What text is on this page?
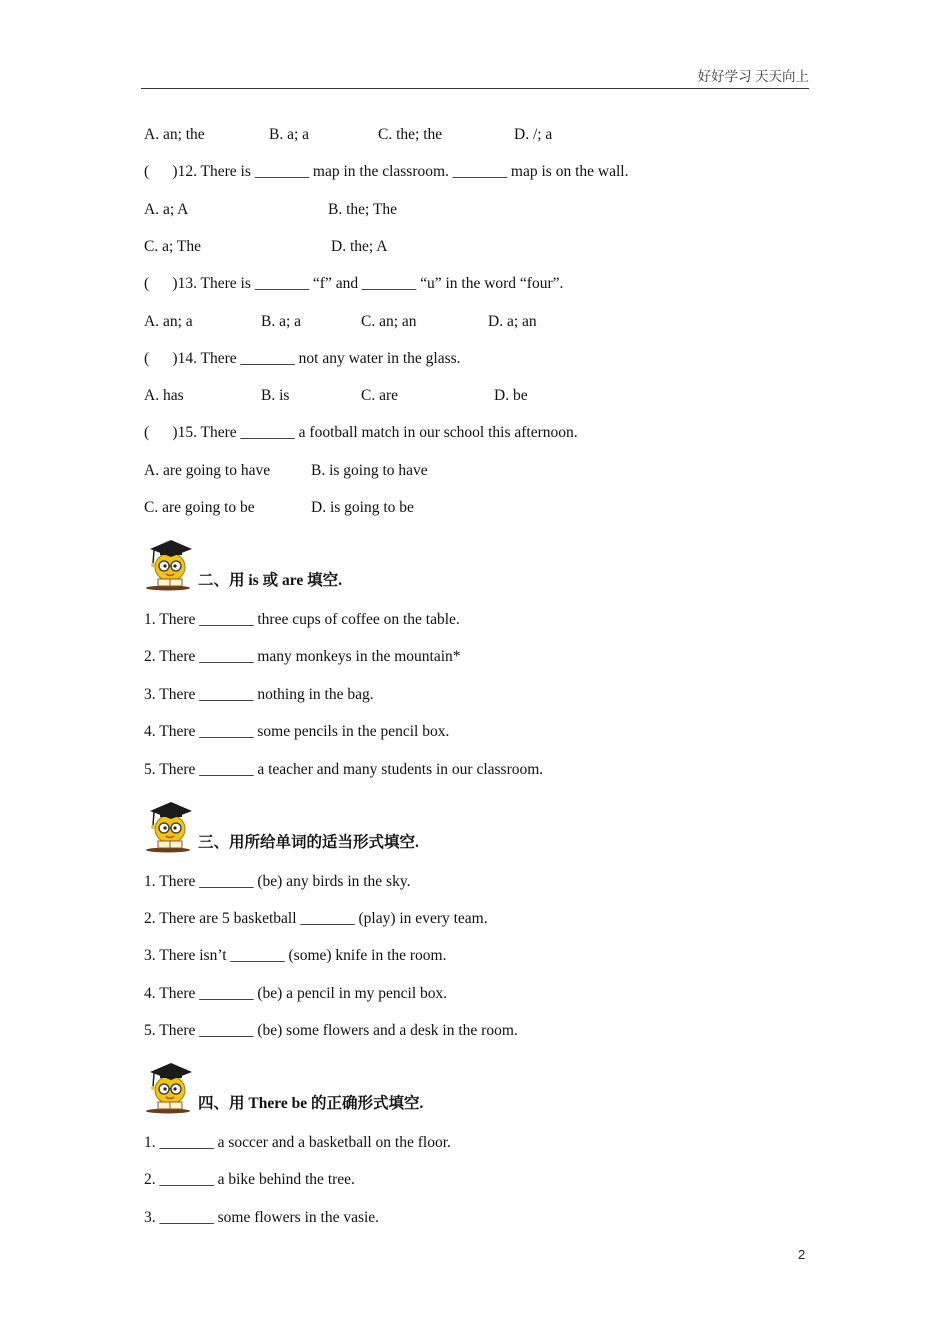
好好学习 天天向上

A. an; the

	B. a; a

	C. the; the

	D. /; a

(      )12. There is _______ map in the classroom. _______ map is on the wall.

A. a; A

	B. the; The

C. a; The

	D. the; A

(      )13. There is _______ “f” and _______ “u” in the word “four”.

A. an; a

	B. a; a

	C. an; an

	D. a; an

(      )14. There _______ not any water in the glass.

A. has

	B. is

	C. are

	D. be

(      )15. There _______ a football match in our school this afternoon.

A. are going to have

	B. is going to have

C. are going to be

	D. is going to be

二、用 is 或 are 填空.
1. There _______ three cups of coffee on the table.
2. There _______ many monkeys in the mountain*
3. There _______ nothing in the bag.
4. There _______ some pencils in the pencil box.
5. There _______ a teacher and many students in our classroom.
三、用所给单词的适当形式填空.
1. There _______ (be) any birds in the sky.
2. There are 5 basketball _______ (play) in every team.
3. There isn’t _______ (some) knife in the room.
4. There _______ (be) a pencil in my pencil box.
5. There _______ (be) some flowers and a desk in the room.
四、用 There be 的正确形式填空.
1. _______ a soccer and a basketball on the floor.
2. _______ a bike behind the tree.
3. _______ some flowers in the vasie.
2
